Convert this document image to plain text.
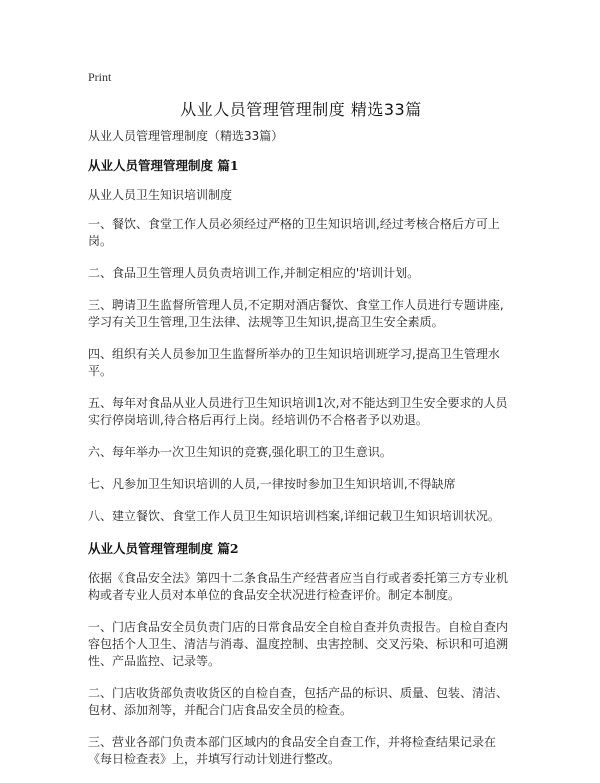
Print
从业人员管理管理制度 精选33篇

从业人员管理管理制度（精选33篇）

从业人员管理管理制度 篇1

从业人员卫生知识培训制度

一、餐饮、食堂工作人员必须经过严格的卫生知识培训,经过考核合格后方可上岗。

二、食品卫生管理人员负责培训工作,并制定相应的'培训计划。

三、聘请卫生监督所管理人员,不定期对酒店餐饮、食堂工作人员进行专题讲座,学习有关卫生管理,卫生法律、法规等卫生知识,提高卫生安全素质。

四、组织有关人员参加卫生监督所举办的卫生知识培训班学习,提高卫生管理水平。

五、每年对食品从业人员进行卫生知识培训1次,对不能达到卫生安全要求的人员实行停岗培训,待合格后再行上岗。经培训仍不合格者予以劝退。

六、每年举办一次卫生知识的竞赛,强化职工的卫生意识。

七、凡参加卫生知识培训的人员,一律按时参加卫生知识培训,不得缺席

八、建立餐饮、食堂工作人员卫生知识培训档案,详细记载卫生知识培训状况。

从业人员管理管理制度 篇2

依据《食品安全法》第四十二条食品生产经营者应当自行或者委托第三方专业机构或者专业人员对本单位的食品安全状况进行检查评价。制定本制度。

一、门店食品安全员负责门店的日常食品安全自检自查并负责报告。自检自查内容包括个人卫生、清洁与消毒、温度控制、虫害控制、交叉污染、标识和可追溯性、产品监控、记录等。

二、门店收货部负责收货区的自检自查，包括产品的标识、质量、包装、清洁、包材、添加剂等，并配合门店食品安全员的检查。

三、营业各部门负责本部门区域内的食品安全自查工作，并将检查结果记录在《每日检查表》上，并填写行动计划进行整改。
